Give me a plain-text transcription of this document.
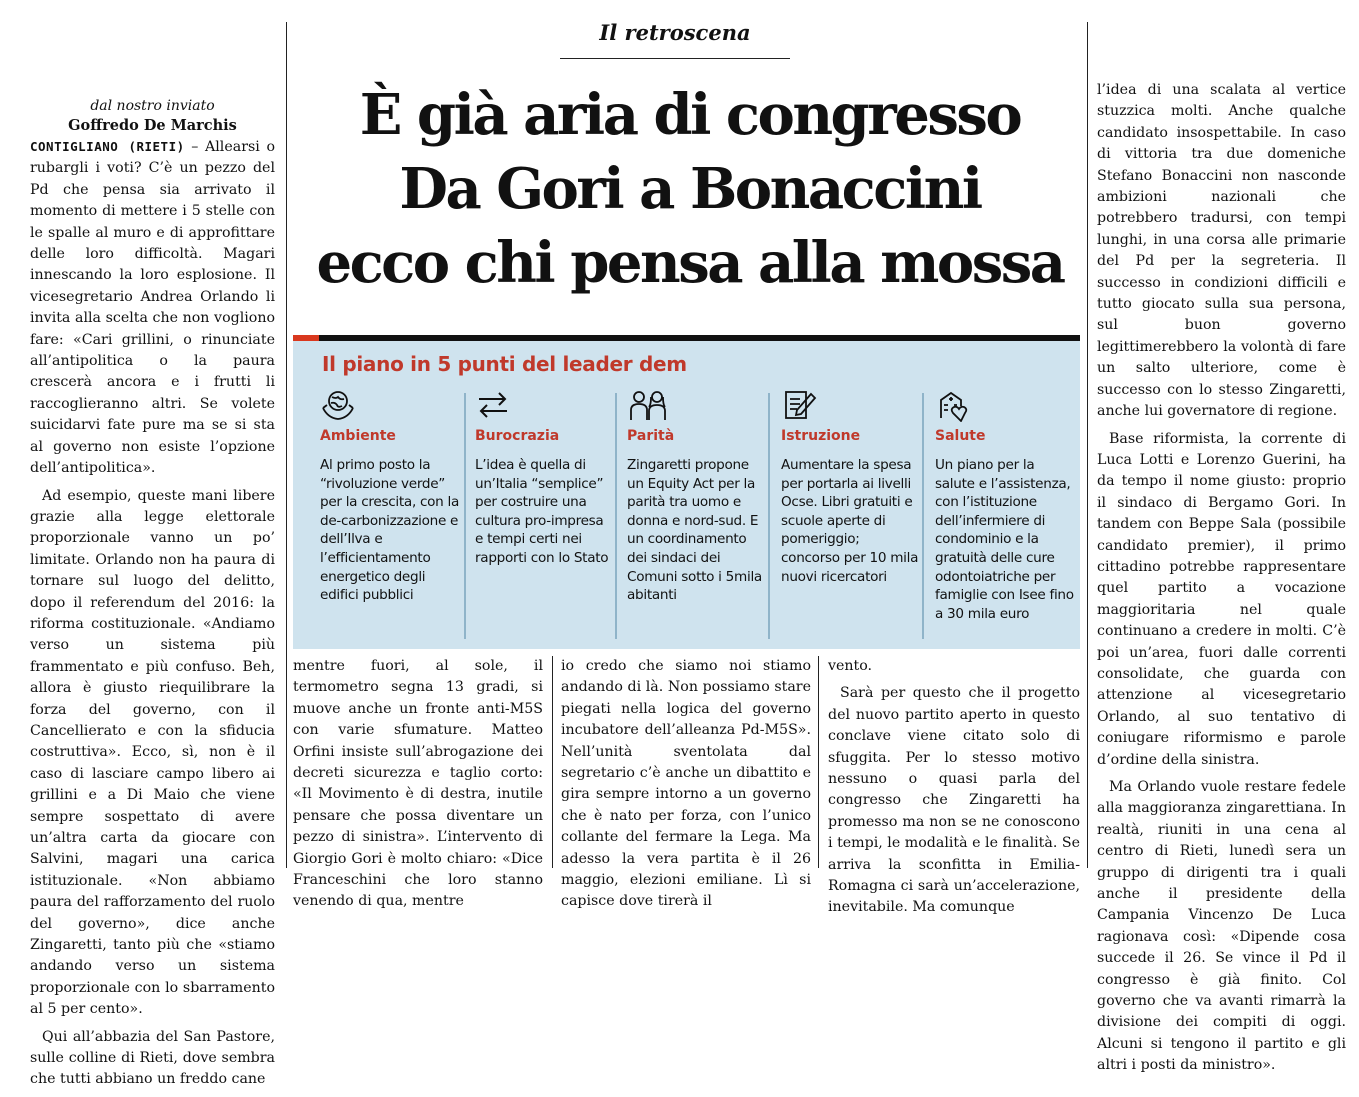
Il retroscena
È già aria di congresso
Da Gori a Bonaccini
ecco chi pensa alla mossa
dal nostro inviato
Goffredo De Marchis

CONTIGLIANO (RIETI) – Allearsi o rubargli i voti? C’è un pezzo del Pd che pensa sia arrivato il momento di mettere i 5 stelle con le spalle al muro e di approfittare delle loro difficoltà. Magari innescando la loro esplosione. Il vicesegretario Andrea Orlando li invita alla scelta che non vogliono fare: «Cari grillini, o rinunciate all’antipolitica o la paura crescerà ancora e i frutti li raccoglieranno altri. Se volete suicidarvi fate pure ma se si sta al governo non esiste l’opzione dell’antipolitica».

Ad esempio, queste mani libere grazie alla legge elettorale proporzionale vanno un po’ limitate. Orlando non ha paura di tornare sul luogo del delitto, dopo il referendum del 2016: la riforma costituzionale. «Andiamo verso un sistema più frammentato e più confuso. Beh, allora è giusto riequilibrare la forza del governo, con il Cancellierato e con la sfiducia costruttiva». Ecco, sì, non è il caso di lasciare campo libero ai grillini e a Di Maio che viene sempre sospettato di avere un’altra carta da giocare con Salvini, magari una carica istituzionale. «Non abbiamo paura del rafforzamento del ruolo del governo», dice anche Zingaretti, tanto più che «stiamo andando verso un sistema proporzionale con lo sbarramento al 5 per cento».

Qui all’abbazia del San Pastore, sulle colline di Rieti, dove sembra che tutti abbiano un freddo cane

Il piano in 5 punti del leader dem
Ambiente
Al primo posto la “rivoluzione verde” per la crescita, con la de-carbonizzazione e dell’Ilva e l’efficientamento energetico degli edifici pubblici
Burocrazia
L’idea è quella di un’Italia “semplice” per costruire una cultura pro-impresa e tempi certi nei rapporti con lo Stato
Parità
Zingaretti propone un Equity Act per la parità tra uomo e donna e nord-sud. E un coordinamento dei sindaci dei Comuni sotto i 5mila abitanti
Istruzione
Aumentare la spesa per portarla ai livelli Ocse. Libri gratuiti e scuole aperte di pomeriggio; concorso per 10 mila nuovi ricercatori
Salute
Un piano per la salute e l’assistenza, con l’istituzione dell’infermiere di condominio e la gratuità delle cure odontoiatriche per famiglie con Isee fino a 30 mila euro

mentre fuori, al sole, il termometro segna 13 gradi, si muove anche un fronte anti-M5S con varie sfumature. Matteo Orfini insiste sull’abrogazione dei decreti sicurezza e taglio corto: «Il Movimento è di destra, inutile pensare che possa diventare un pezzo di sinistra». L’intervento di Giorgio Gori è molto chiaro: «Dice Franceschini che loro stanno venendo di qua, mentre

io credo che siamo noi stiamo andando di là. Non possiamo stare piegati nella logica del governo incubatore dell’alleanza Pd-M5S». Nell’unità sventolata dal segretario c’è anche un dibattito e gira sempre intorno a un governo che è nato per forza, con l’unico collante del fermare la Lega. Ma adesso la vera partita è il 26 maggio, elezioni emiliane. Lì si capisce dove tirerà il

vento.

Sarà per questo che il progetto del nuovo partito aperto in questo conclave viene citato solo di sfuggita. Per lo stesso motivo nessuno o quasi parla del congresso che Zingaretti ha promesso ma non se ne conoscono i tempi, le modalità e le finalità. Se arriva la sconfitta in Emilia-Romagna ci sarà un’accelerazione, inevitabile. Ma comunque

l’idea di una scalata al vertice stuzzica molti. Anche qualche candidato insospettabile. In caso di vittoria tra due domeniche Stefano Bonaccini non nasconde ambizioni nazionali che potrebbero tradursi, con tempi lunghi, in una corsa alle primarie del Pd per la segreteria. Il successo in condizioni difficili e tutto giocato sulla sua persona, sul buon governo legittimerebbero la volontà di fare un salto ulteriore, come è successo con lo stesso Zingaretti, anche lui governatore di regione.

Base riformista, la corrente di Luca Lotti e Lorenzo Guerini, ha da tempo il nome giusto: proprio il sindaco di Bergamo Gori. In tandem con Beppe Sala (possibile candidato premier), il primo cittadino potrebbe rappresentare quel partito a vocazione maggioritaria nel quale continuano a credere in molti. C’è poi un’area, fuori dalle correnti consolidate, che guarda con attenzione al vicesegretario Orlando, al suo tentativo di coniugare riformismo e parole d’ordine della sinistra.

Ma Orlando vuole restare fedele alla maggioranza zingarettiana. In realtà, riuniti in una cena al centro di Rieti, lunedì sera un gruppo di dirigenti tra i quali anche il presidente della Campania Vincenzo De Luca ragionava così: «Dipende cosa succede il 26. Se vince il Pd il congresso è già finito. Col governo che va avanti rimarrà la divisione dei compiti di oggi. Alcuni si tengono il partito e gli altri i posti da ministro».
